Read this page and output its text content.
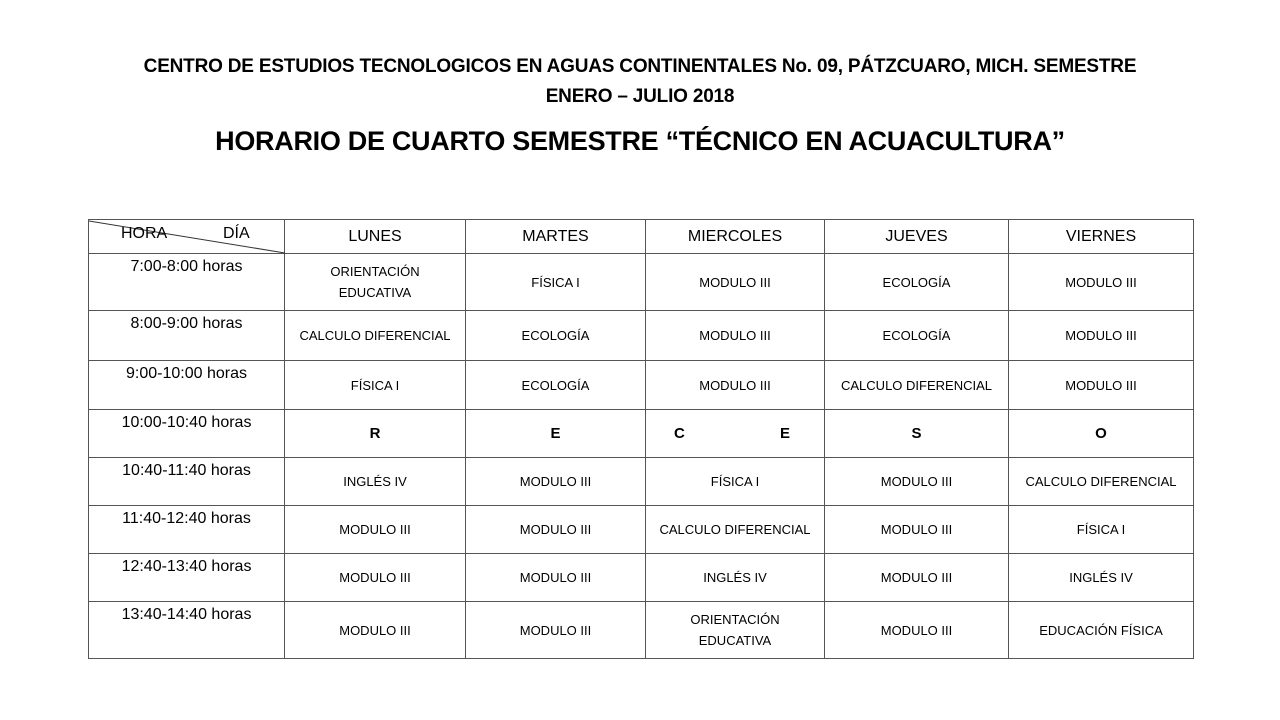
CENTRO DE ESTUDIOS TECNOLOGICOS EN AGUAS CONTINENTALES No. 09, PÁTZCUARO, MICH. SEMESTRE
ENERO – JULIO 2018
HORARIO DE CUARTO SEMESTRE “TÉCNICO EN ACUACULTURA”
HORA DÍA	LUNES	MARTES	MIERCOLES	JUEVES	VIERNES
7:00-8:00 horas	ORIENTACIÓN
EDUCATIVA	FÍSICA I	MODULO III	ECOLOGÍA	MODULO III
8:00-9:00 horas	CALCULO DIFERENCIAL	ECOLOGÍA	MODULO III	ECOLOGÍA	MODULO III
9:00-10:00 horas	FÍSICA I	ECOLOGÍA	MODULO III	CALCULO DIFERENCIAL	MODULO III
10:00-10:40 horas	R	E	C E	S	O
10:40-11:40 horas	INGLÉS IV	MODULO III	FÍSICA I	MODULO III	CALCULO DIFERENCIAL
11:40-12:40 horas	MODULO III	MODULO III	CALCULO DIFERENCIAL	MODULO III	FÍSICA I
12:40-13:40 horas	MODULO III	MODULO III	INGLÉS IV	MODULO III	INGLÉS IV
13:40-14:40 horas	MODULO III	MODULO III	ORIENTACIÓN
EDUCATIVA	MODULO III	EDUCACIÓN FÍSICA
